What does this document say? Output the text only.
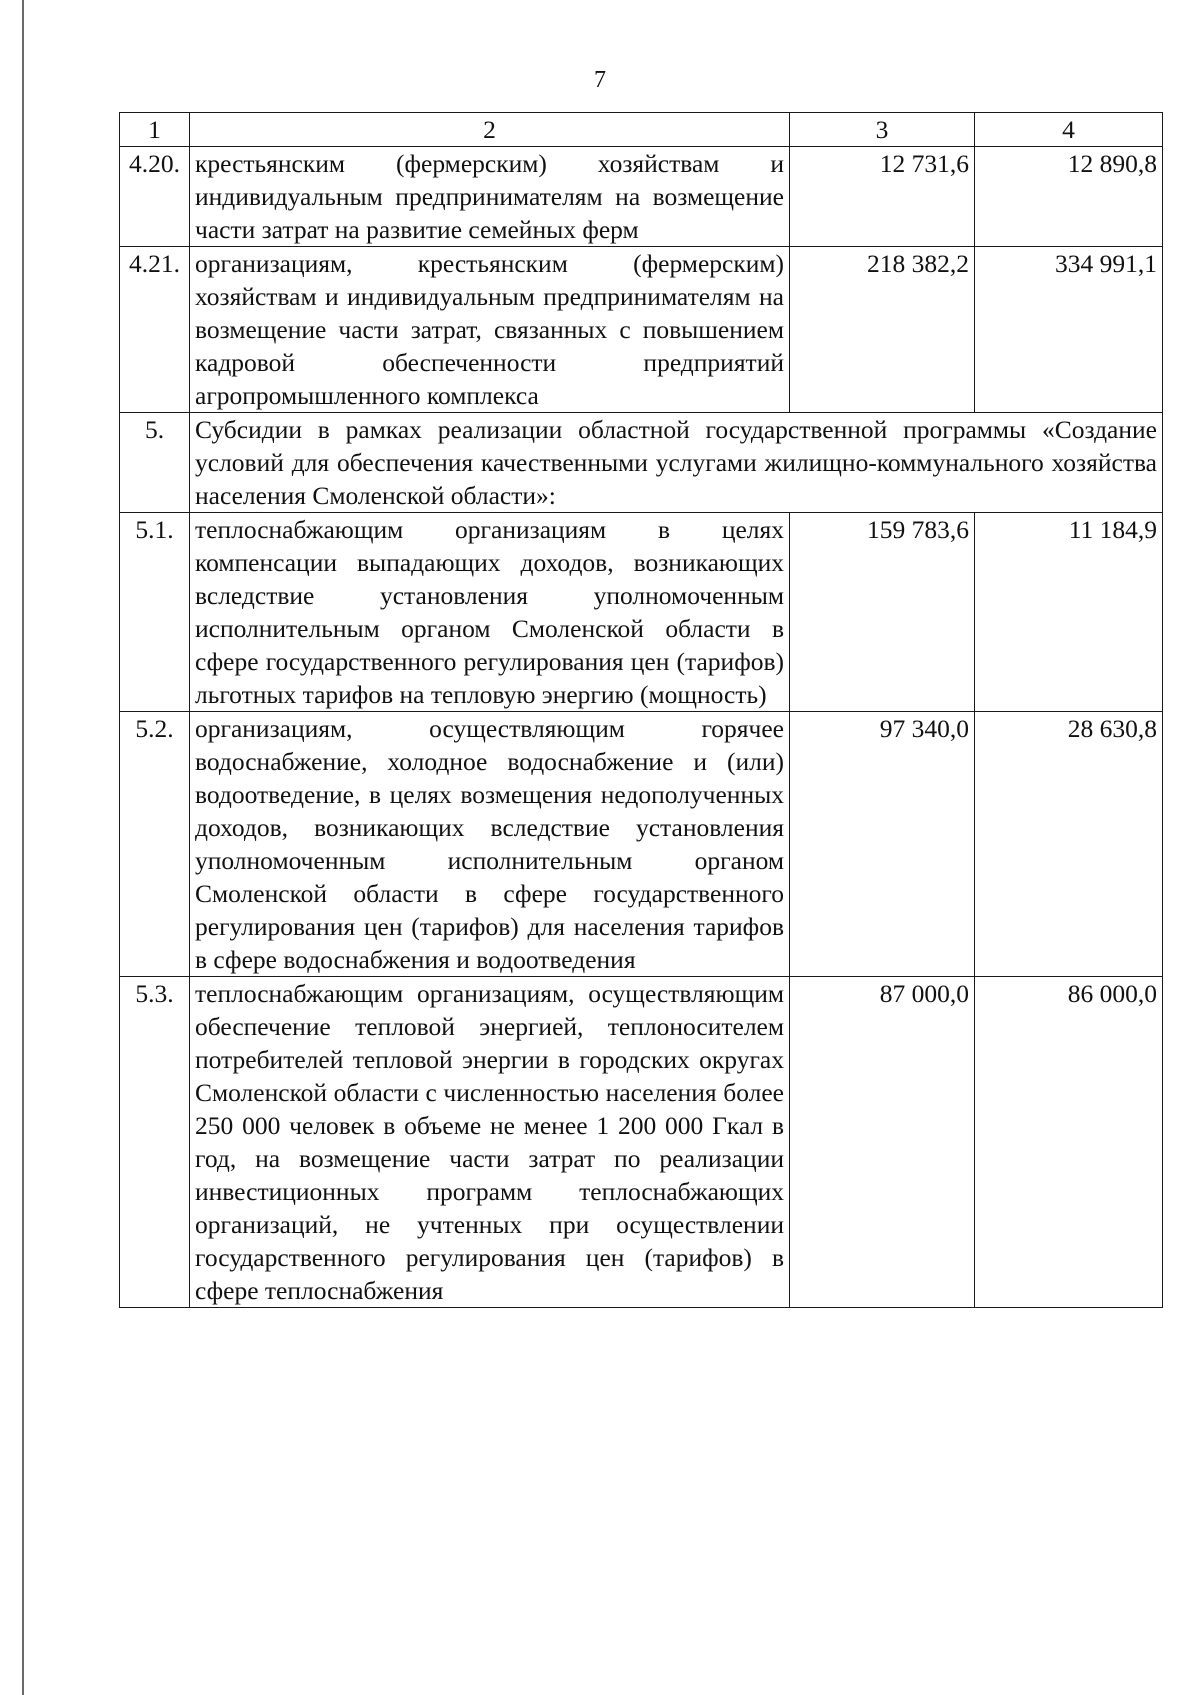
7
1	2	3	4
4.20.	крестьянским (фермерским) хозяйствам и индивидуальным предпринимателям на возмещение части затрат на развитие семейных ферм	12 731,6	12 890,8
4.21.	организациям, крестьянским (фермерским) хозяйствам и индивидуальным предпринимателям на возмещение части затрат, связанных с повышением кадровой обеспеченности предприятий агропромышленного комплекса	218 382,2	334 991,1
5.	Субсидии в рамках реализации областной государственной программы «Создание условий для обеспечения качественными услугами жилищно-коммунального хозяйства населения Смоленской области»:		
5.1.	теплоснабжающим организациям в целях компенсации выпадающих доходов, возникающих вследствие установления уполномоченным исполнительным органом Смоленской области в сфере государственного регулирования цен (тарифов) льготных тарифов на тепловую энергию (мощность)	159 783,6	11 184,9
5.2.	организациям, осуществляющим горячее водоснабжение, холодное водоснабжение и (или) водоотведение, в целях возмещения недополученных доходов, возникающих вследствие установления уполномоченным исполнительным органом Смоленской области в сфере государственного регулирования цен (тарифов) для населения тарифов в сфере водоснабжения и водоотведения	97 340,0	28 630,8
5.3.	теплоснабжающим организациям, осуществляющим обеспечение тепловой энергией, теплоносителем потребителей тепловой энергии в городских округах Смоленской области с численностью населения более 250 000 человек в объеме не менее 1 200 000 Гкал в год, на возмещение части затрат по реализации инвестиционных программ теплоснабжающих организаций, не учтенных при осуществлении государственного регулирования цен (тарифов) в сфере теплоснабжения	87 000,0	86 000,0
